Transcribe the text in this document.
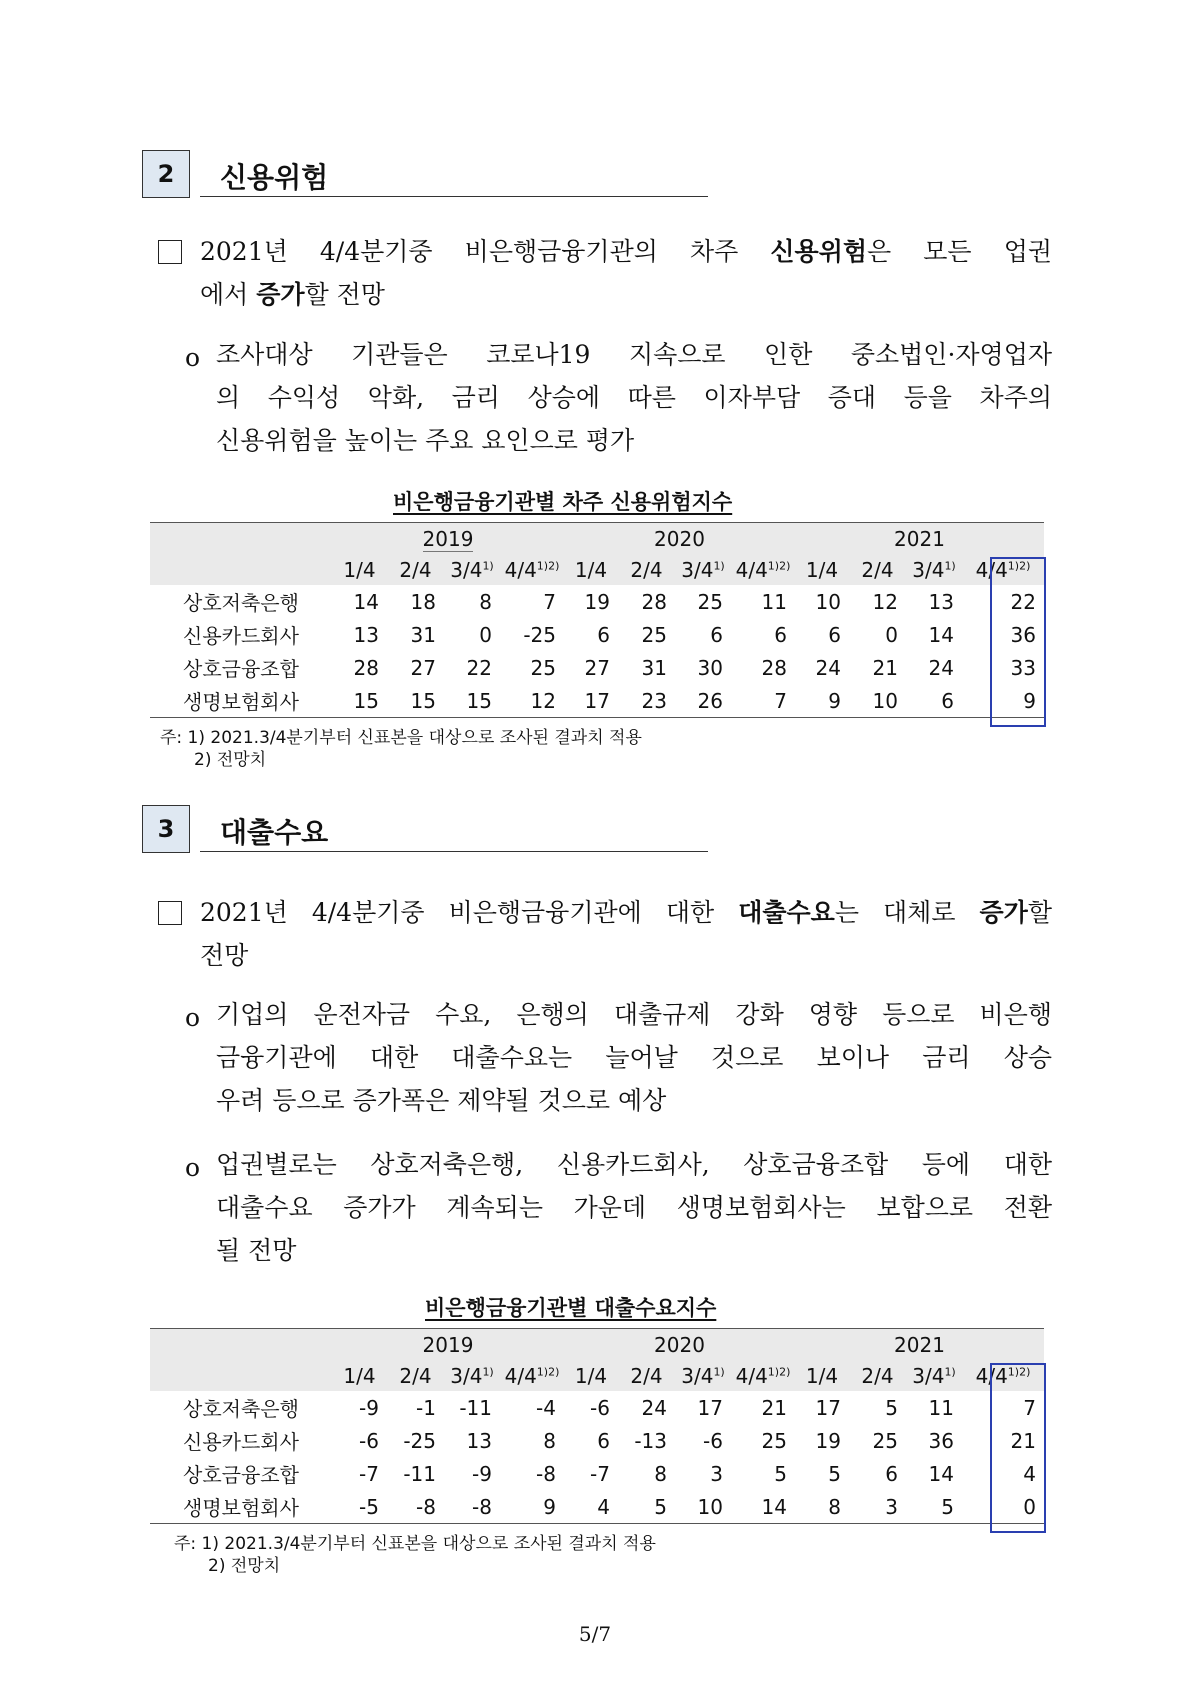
2	신용위험
2021년 4/4분기중 비은행금융기관의 차주 신용위험은 모든 업권
에서 증가할 전망
o 조사대상 기관들은 코로나19 지속으로 인한 중소법인·자영업자
의 수익성 악화, 금리 상승에 따른 이자부담 증대 등을 차주의
신용위험을 높이는 주요 요인으로 평가
비은행금융기관별 차주 신용위험지수
	2019				2020				2021			
	1/4	2/4	3/4$^{1)}$	$4/4^{1)2)}$	1/4	2/4	3/4$^{1)}$	$4/4^{1)2)}$	1/4	2/4	3/4$^{1)}$	$4/4^{1)2)}$
상호저축은행	14	18	8	7	19	28	25	11	10	12	13	22
신용카드회사	13	31	0	-25	6	25	6	6	6	0	14	36
상호금융조합	28	27	22	25	27	31	30	28	24	21	24	33
생명보험회사	15	15	15	12	17	23	26	7	9	10	6	9
주: 1) 2021.3/4분기부터 신표본을 대상으로 조사된 결과치 적용
2) 전망치
3	대출수요
2021년 4/4분기중 비은행금융기관에 대한 대출수요는 대체로 증가할
전망
o 기업의 운전자금 수요, 은행의 대출규제 강화 영향 등으로 비은행
금융기관에 대한 대출수요는 늘어날 것으로 보이나 금리 상승
우려 등으로 증가폭은 제약될 것으로 예상
o 업권별로는 상호저축은행, 신용카드회사, 상호금융조합 등에 대한
대출수요 증가가 계속되는 가운데 생명보험회사는 보합으로 전환
될 전망
비은행금융기관별 대출수요지수
	2019				2020				2021			
	1/4	2/4	3/4$^{1)}$	$4/4^{1)2)}$	1/4	2/4	3/4$^{1)}$	$4/4^{1)2)}$	1/4	2/4	3/4$^{1)}$	$4/4^{1)2)}$
상호저축은행	-9	-1	-11	-4	-6	24	17	21	17	5	11	7
신용카드회사	-6	-25	13	8	6	-13	-6	25	19	25	36	21
상호금융조합	-7	-11	-9	-8	-7	8	3	5	5	6	14	4
생명보험회사	-5	-8	-8	9	4	5	10	14	8	3	5	0
주: 1) 2021.3/4분기부터 신표본을 대상으로 조사된 결과치 적용
2) 전망치
5/7
